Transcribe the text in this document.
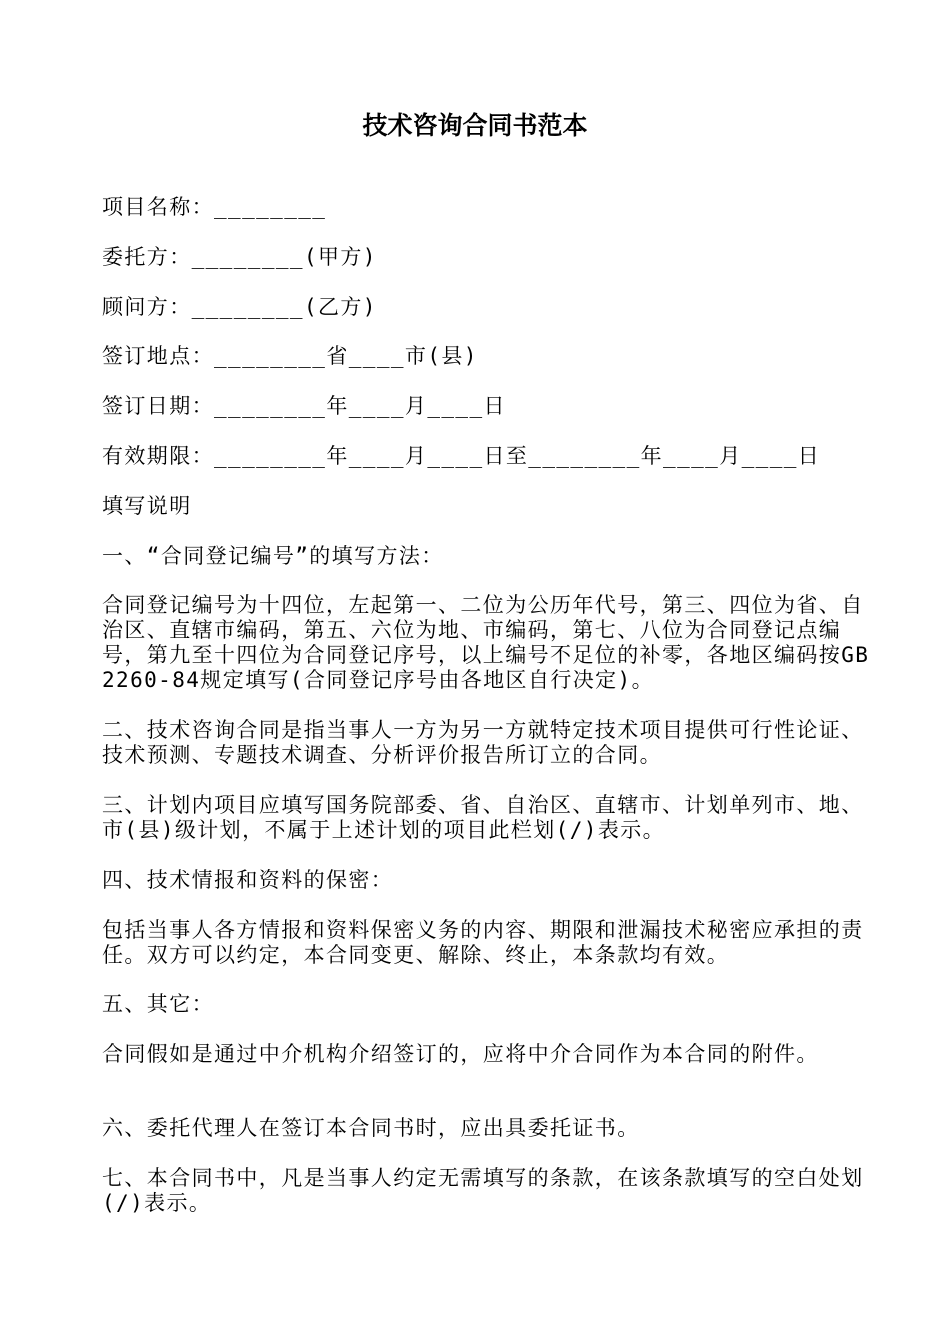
技术咨询合同书范本
项目名称：________
委托方：________(甲方)
顾问方：________(乙方)
签订地点：________省____市(县)
签订日期：________年____月____日
有效期限：________年____月____日至________年____月____日
填写说明
一、“合同登记编号”的填写方法：
合同登记编号为十四位，左起第一、二位为公历年代号，第三、四位为省、自治区、直辖市编码，第五、六位为地、市编码，第七、八位为合同登记点编号，第九至十四位为合同登记序号，以上编号不足位的补零，各地区编码按GB2260-84规定填写(合同登记序号由各地区自行决定)。
二、技术咨询合同是指当事人一方为另一方就特定技术项目提供可行性论证、技术预测、专题技术调查、分析评价报告所订立的合同。
三、计划内项目应填写国务院部委、省、自治区、直辖市、计划单列市、地、市(县)级计划，不属于上述计划的项目此栏划(/)表示。
四、技术情报和资料的保密：
包括当事人各方情报和资料保密义务的内容、期限和泄漏技术秘密应承担的责任。双方可以约定，本合同变更、解除、终止，本条款均有效。
五、其它：
合同假如是通过中介机构介绍签订的，应将中介合同作为本合同的附件。
六、委托代理人在签订本合同书时，应出具委托证书。
七、本合同书中，凡是当事人约定无需填写的条款，在该条款填写的空白处划(/)表示。
